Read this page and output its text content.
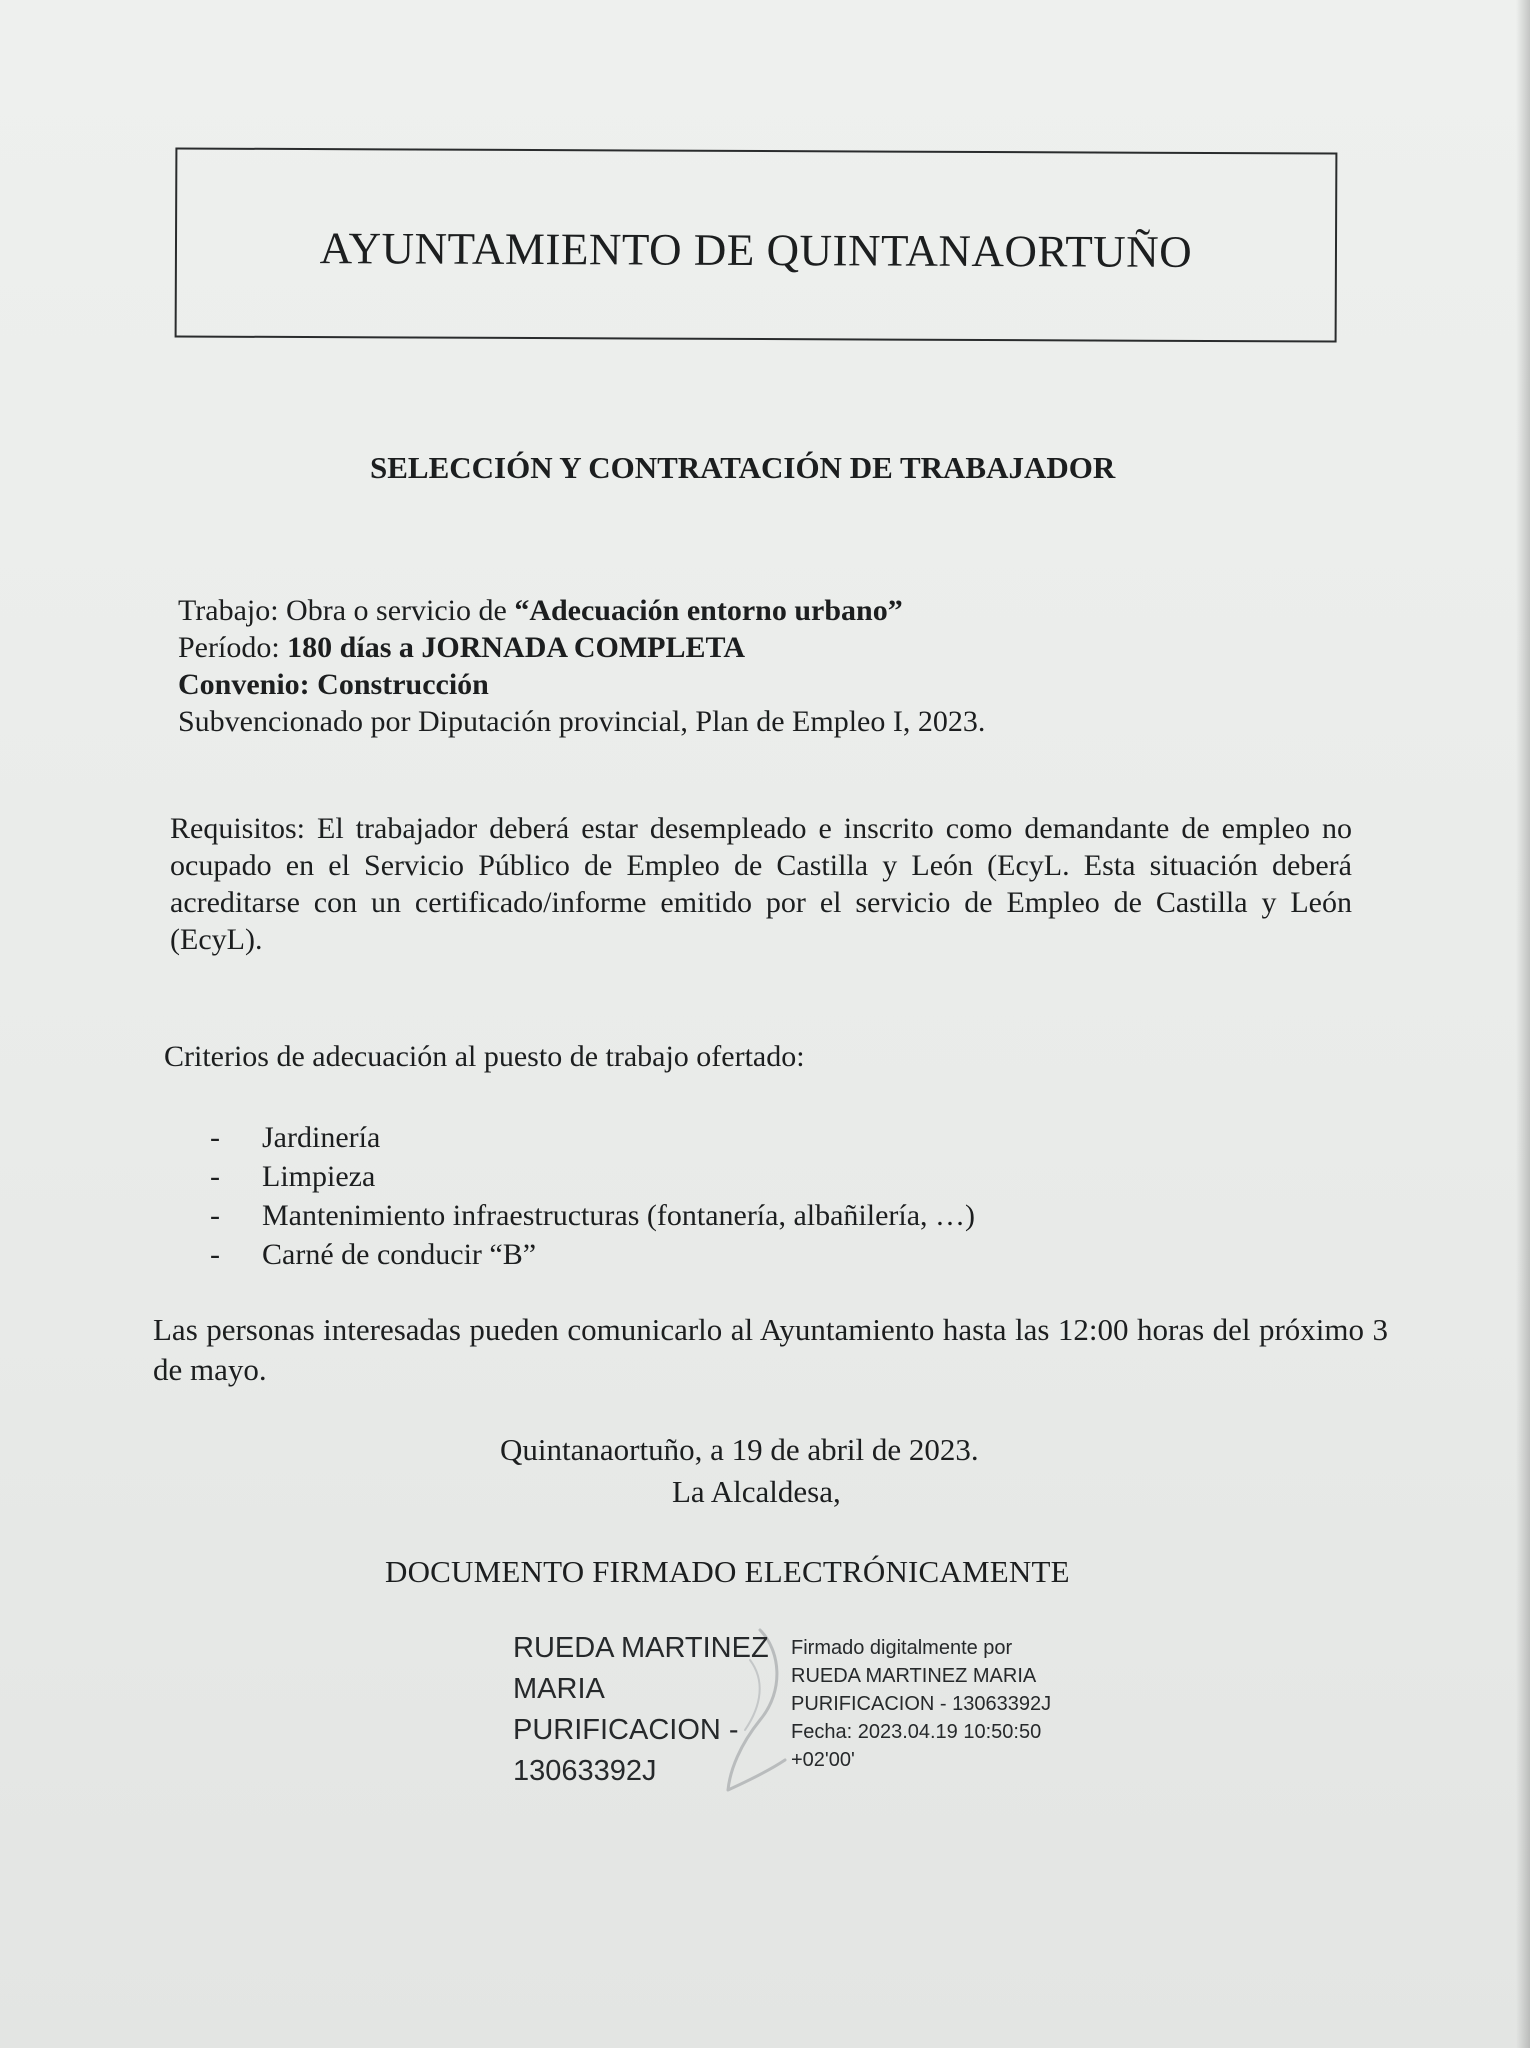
AYUNTAMIENTO DE QUINTANAORTUÑO
SELECCIÓN Y CONTRATACIÓN DE TRABAJADOR
Trabajo: Obra o servicio de “Adecuación entorno urbano”
Período: 180 días a JORNADA COMPLETA
Convenio: Construcción
Subvencionado por Diputación provincial, Plan de Empleo I, 2023.
Requisitos: El trabajador deberá estar desempleado e inscrito como demandante de empleo no ocupado en el Servicio Público de Empleo de Castilla y León (EcyL. Esta situación deberá acreditarse con un certificado/informe emitido por el servicio de Empleo de Castilla y León (EcyL).
Criterios de adecuación al puesto de trabajo ofertado:
- Jardinería
- Limpieza
- Mantenimiento infraestructuras (fontanería, albañilería, …)
- Carné de conducir “B”
Las personas interesadas pueden comunicarlo al Ayuntamiento hasta las 12:00 horas del próximo 3 de mayo.
Quintanaortuño, a 19 de abril de 2023.
La Alcaldesa,
DOCUMENTO FIRMADO ELECTRÓNICAMENTE
RUEDA MARTINEZ
MARIA
PURIFICACION -
13063392J
Firmado digitalmente por
RUEDA MARTINEZ MARIA
PURIFICACION - 13063392J
Fecha: 2023.04.19 10:50:50
+02'00'
